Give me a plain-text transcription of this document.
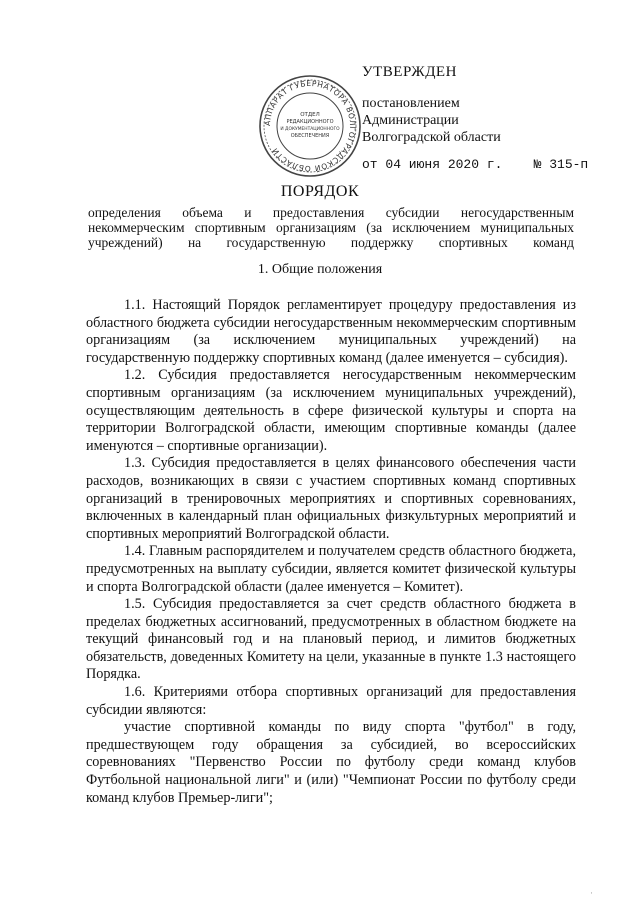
АППАРАТ ГУБЕРНАТОРА ВОЛГОГРАДСКОЙ ОБЛАСТИ
ОТДЕЛ
РЕДАКЦИОННОГО
И ДОКУМЕНТАЦИОННОГО
ОБЕСПЕЧЕНИЯ
УТВЕРЖДЕН
постановлением
Администрации
Волгоградской области
от 04 июня 2020 г.    № 315-п
ПОРЯДОК
определения объема и предоставления субсидии негосударственным
некоммерческим спортивным организациям (за исключением муниципальных
учреждений) на государственную поддержку спортивных команд
1. Общие положения

1.1. Настоящий Порядок регламентирует процедуру предоставления из областного бюджета субсидии негосударственным некоммерческим спортивным организациям (за исключением муниципальных учреждений) на государственную поддержку спортивных команд (далее именуется – субсидия).

1.2. Субсидия предоставляется негосударственным некоммерческим спортивным организациям (за исключением муниципальных учреждений), осуществляющим деятельность в сфере физической культуры и спорта на территории Волгоградской области, имеющим спортивные команды (далее именуются – спортивные организации).

1.3. Субсидия предоставляется в целях финансового обеспечения части расходов, возникающих в связи с участием спортивных команд спортивных организаций в тренировочных мероприятиях и спортивных соревнованиях, включенных в календарный план официальных физкультурных мероприятий и спортивных мероприятий Волгоградской области.

1.4. Главным распорядителем и получателем средств областного бюджета, предусмотренных на выплату субсидии, является комитет физической культуры и спорта Волгоградской области (далее именуется – Комитет).

1.5. Субсидия предоставляется за счет средств областного бюджета в пределах бюджетных ассигнований, предусмотренных в областном бюджете на текущий финансовый год и на плановый период, и лимитов бюджетных обязательств, доведенных Комитету на цели, указанные в пункте 1.3 настоящего Порядка.

1.6. Критериями отбора спортивных организаций для предоставления субсидии являются:

участие спортивной команды по виду спорта "футбол" в году, предшествующем году обращения за субсидией, во всероссийских соревнованиях "Первенство России по футболу среди команд клубов Футбольной национальной лиги" и (или) "Чемпионат России по футболу среди команд клубов Премьер-лиги";

·
